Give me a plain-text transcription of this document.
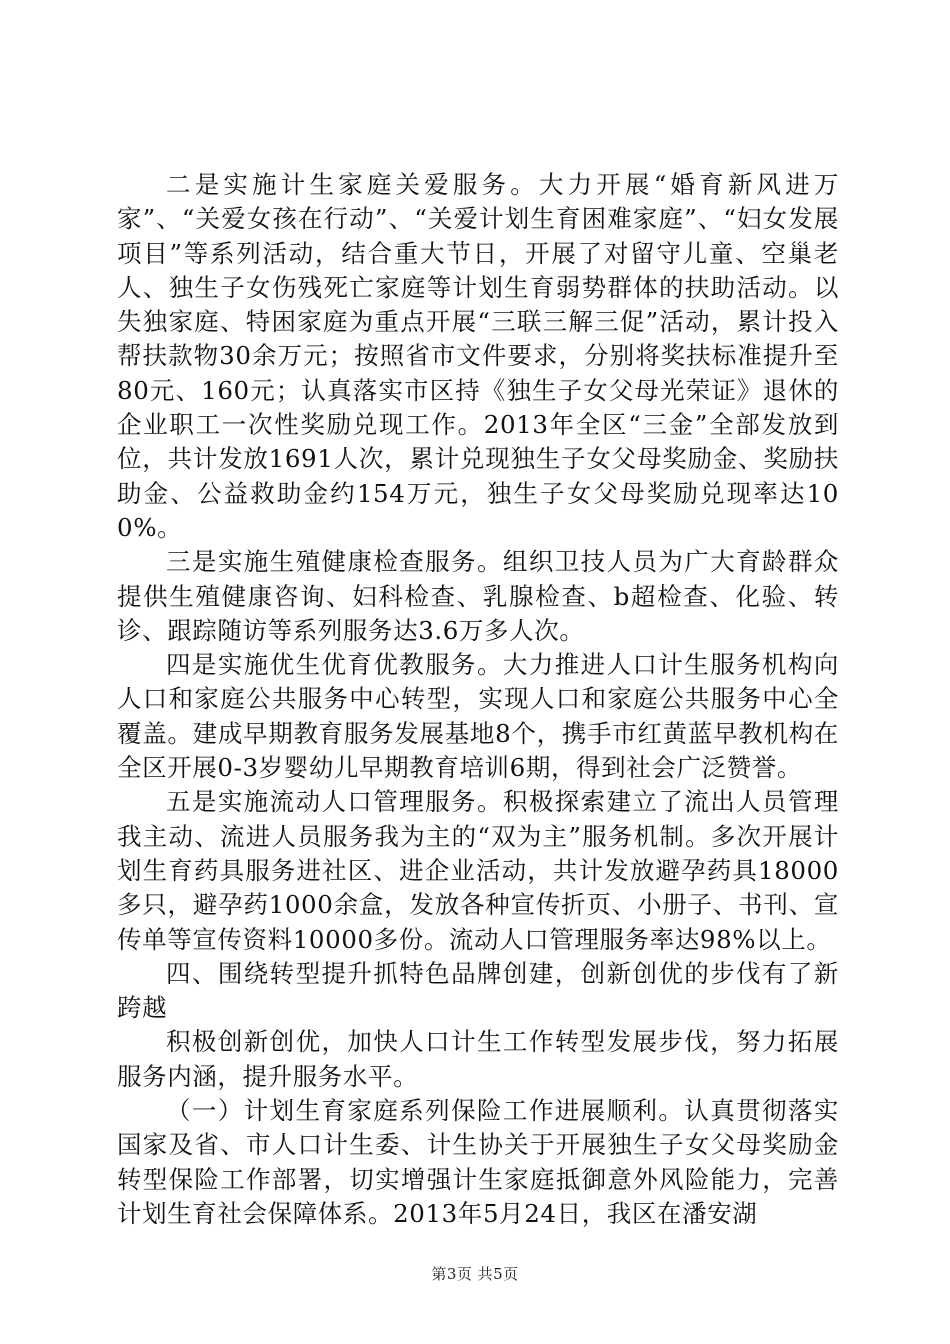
二是实施计生家庭关爱服务。大力开展“婚育新风进万家”、“关爱女孩在行动”、“关爱计划生育困难家庭”、“妇女发展项目”等系列活动，结合重大节日，开展了对留守儿童、空巢老人、独生子女伤残死亡家庭等计划生育弱势群体的扶助活动。以失独家庭、特困家庭为重点开展“三联三解三促”活动，累计投入帮扶款物30余万元；按照省市文件要求，分别将奖扶标准提升至80元、160元；认真落实市区持《独生子女父母光荣证》退休的企业职工一次性奖励兑现工作。2013年全区“三金”全部发放到位，共计发放1691人次，累计兑现独生子女父母奖励金、奖励扶助金、公益救助金约154万元，独生子女父母奖励兑现率达100%。

三是实施生殖健康检查服务。组织卫技人员为广大育龄群众提供生殖健康咨询、妇科检查、乳腺检查、b超检查、化验、转诊、跟踪随访等系列服务达3.6万多人次。

四是实施优生优育优教服务。大力推进人口计生服务机构向人口和家庭公共服务中心转型，实现人口和家庭公共服务中心全覆盖。建成早期教育服务发展基地8个，携手市红黄蓝早教机构在全区开展0-3岁婴幼儿早期教育培训6期，得到社会广泛赞誉。

五是实施流动人口管理服务。积极探索建立了流出人员管理我主动、流进人员服务我为主的“双为主”服务机制。多次开展计划生育药具服务进社区、进企业活动，共计发放避孕药具18000多只，避孕药1000余盒，发放各种宣传折页、小册子、书刊、宣传单等宣传资料10000多份。流动人口管理服务率达98%以上。

四、围绕转型提升抓特色品牌创建，创新创优的步伐有了新跨越

积极创新创优，加快人口计生工作转型发展步伐，努力拓展服务内涵，提升服务水平。

（一）计划生育家庭系列保险工作进展顺利。认真贯彻落实国家及省、市人口计生委、计生协关于开展独生子女父母奖励金转型保险工作部署，切实增强计生家庭抵御意外风险能力，完善计划生育社会保障体系。2013年5月24日，我区在潘安湖

第3页 共5页
